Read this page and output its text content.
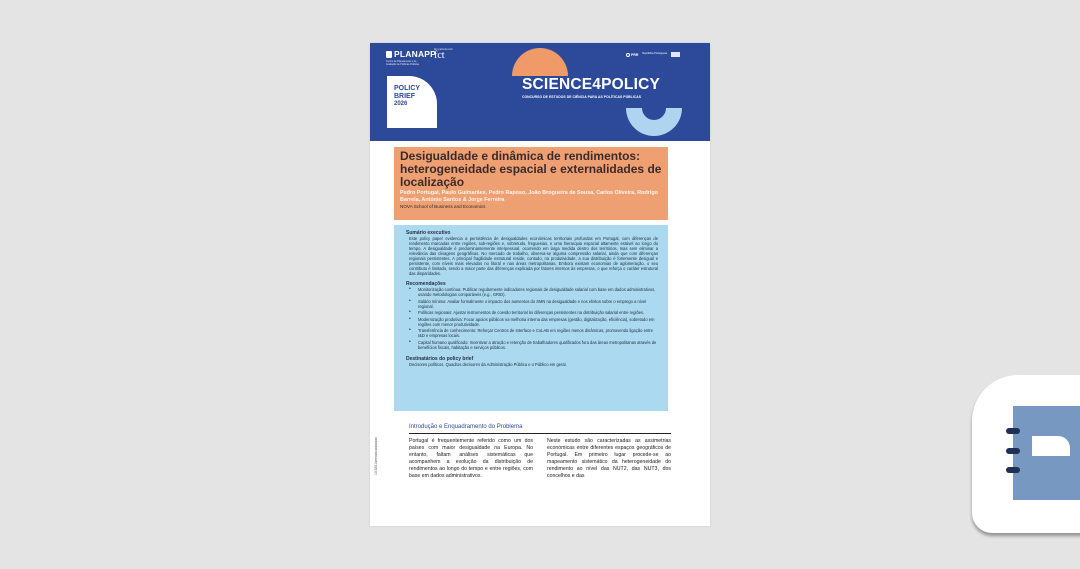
PLANAPP
Centro de Planeamento e de Avaliação de Políticas Públicas
Em parceria com
fct	PRR República Portuguesa
POLICY
BRIEF
2026
SCIENCE4POLICY
CONCURSO DE ESTUDOS DE CIÊNCIA PARA AS POLÍTICAS PÚBLICAS
Desigualdade e dinâmica de rendimentos: heterogeneidade espacial e externalidades de localização
Pedro Portugal, Paulo Guimarães, Pedro Raposo, João Brogueira de Sousa, Carlos Oliveira, Rodrigo Barrela, António Santos & Jorge Ferreira
NOVA School of Business and Economics
Sumário executivo

Este policy paper evidencia a persistência de desigualdades económicas territoriais profundas em Portugal, com diferenças de rendimento marcadas entre regiões, sub-regiões e, sobretudo, freguesias, e uma hierarquia espacial altamente estável ao longo do tempo. A desigualdade é predominantemente interpessoal, ocorrendo em larga medida dentro dos territórios, mas sem eliminar a relevância das clivagens geográficas. No mercado de trabalho, observa-se alguma compressão salarial, ainda que com diferenças regionais persistentes. A principal fragilidade estrutural reside, contudo, na produtividade, a sua distribuição é fortemente desigual e persistente, com níveis mais elevados no litoral e nas áreas metropolitanas. Embora existam economias de aglomeração, o seu contributo é limitado, sendo a maior parte das diferenças explicada por fatores internos às empresas, o que reforça o caráter estrutural das disparidades.

Recomendações
• Monitorização contínua: Publicar regularmente indicadores regionais de desigualdade salarial com base em dados administrativos, usando metodologias comparáveis (e.g., GRID).
• Salário mínimo: Avaliar formalmente o impacto dos aumentos do SMN na desigualdade e nos efeitos sobre o emprego a nível regional.
• Políticas regionais: Ajustar instrumentos de coesão territorial às diferenças persistentes na distribuição salarial entre regiões.
• Modernização produtiva: Focar apoios públicos na melhoria interna das empresas (gestão, digitalização, eficiência), sobretudo em regiões com menor produtividade.
• Transferência de conhecimento: Reforçar Centros de Interface e CoLAB em regiões menos dinâmicas, promovendo ligação entre I&D e empresas locais.
• Capital humano qualificado: Incentivar a atração e retenção de trabalhadores qualificados fora das áreas metropolitanas através de benefícios fiscais, habitação e serviços públicos.
Destinatários do policy brief

Decisores políticos. Quadros decisores da Administração Pública e o Público em geral.

10.5281/zenodo.xxxxxxxx
Introdução e Enquadramento do Problema

Portugal é frequentemente referido como um dos países com maior desigualdade na Europa. No entanto, faltam análises sistemáticas que acompanhem a evolução da distribuição de rendimentos ao longo do tempo e entre regiões, com base em dados administrativos.

Neste estudo são caracterizadas as assimetrias económicas entre diferentes espaços geográficos de Portugal. Em primeiro lugar procede-se ao mapeamento sistemático da heterogeneidade do rendimento ao nível das NUT2, das NUT3, dos concelhos e das
